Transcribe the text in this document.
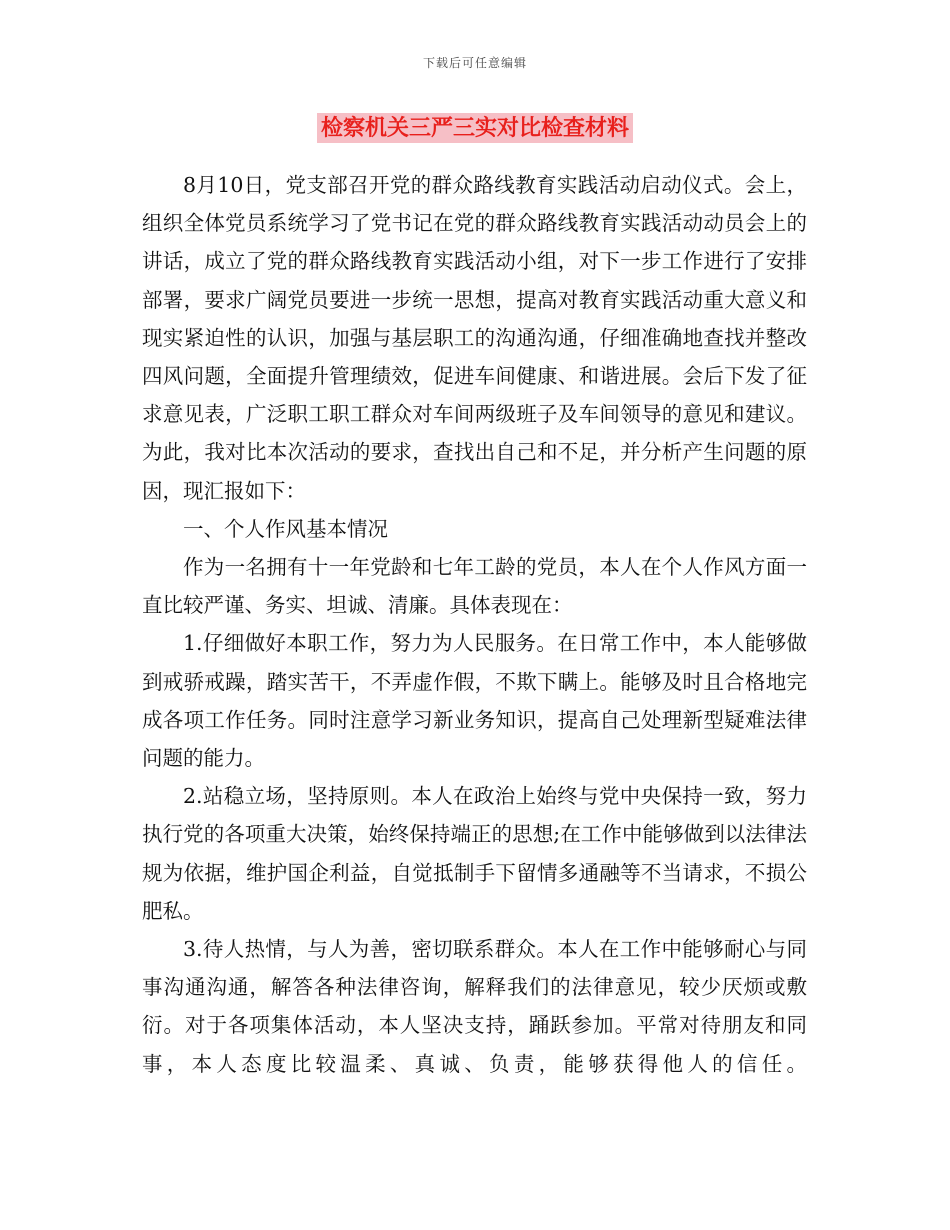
下载后可任意编辑
检察机关三严三实对比检查材料

8月10日，党支部召开党的群众路线教育实践活动启动仪式。会上，组织全体党员系统学习了党书记在党的群众路线教育实践活动动员会上的讲话，成立了党的群众路线教育实践活动小组，对下一步工作进行了安排部署，要求广阔党员要进一步统一思想，提高对教育实践活动重大意义和现实紧迫性的认识，加强与基层职工的沟通沟通，仔细准确地查找并整改四风问题，全面提升管理绩效，促进车间健康、和谐进展。会后下发了征求意见表，广泛职工职工群众对车间两级班子及车间领导的意见和建议。为此，我对比本次活动的要求，查找出自己和不足，并分析产生问题的原因，现汇报如下：

一、个人作风基本情况

作为一名拥有十一年党龄和七年工龄的党员，本人在个人作风方面一直比较严谨、务实、坦诚、清廉。具体表现在：

1.仔细做好本职工作，努力为人民服务。在日常工作中，本人能够做到戒骄戒躁，踏实苦干，不弄虚作假，不欺下瞒上。能够及时且合格地完成各项工作任务。同时注意学习新业务知识，提高自己处理新型疑难法律问题的能力。

2.站稳立场，坚持原则。本人在政治上始终与党中央保持一致，努力执行党的各项重大决策，始终保持端正的思想;在工作中能够做到以法律法规为依据，维护国企利益，自觉抵制手下留情多通融等不当请求，不损公肥私。

3.待人热情，与人为善，密切联系群众。本人在工作中能够耐心与同事沟通沟通，解答各种法律咨询，解释我们的法律意见，较少厌烦或敷衍。对于各项集体活动，本人坚决支持，踊跃参加。平常对待朋友和同事，本人态度比较温柔、真诚、负责，能够获得他人的信任。
